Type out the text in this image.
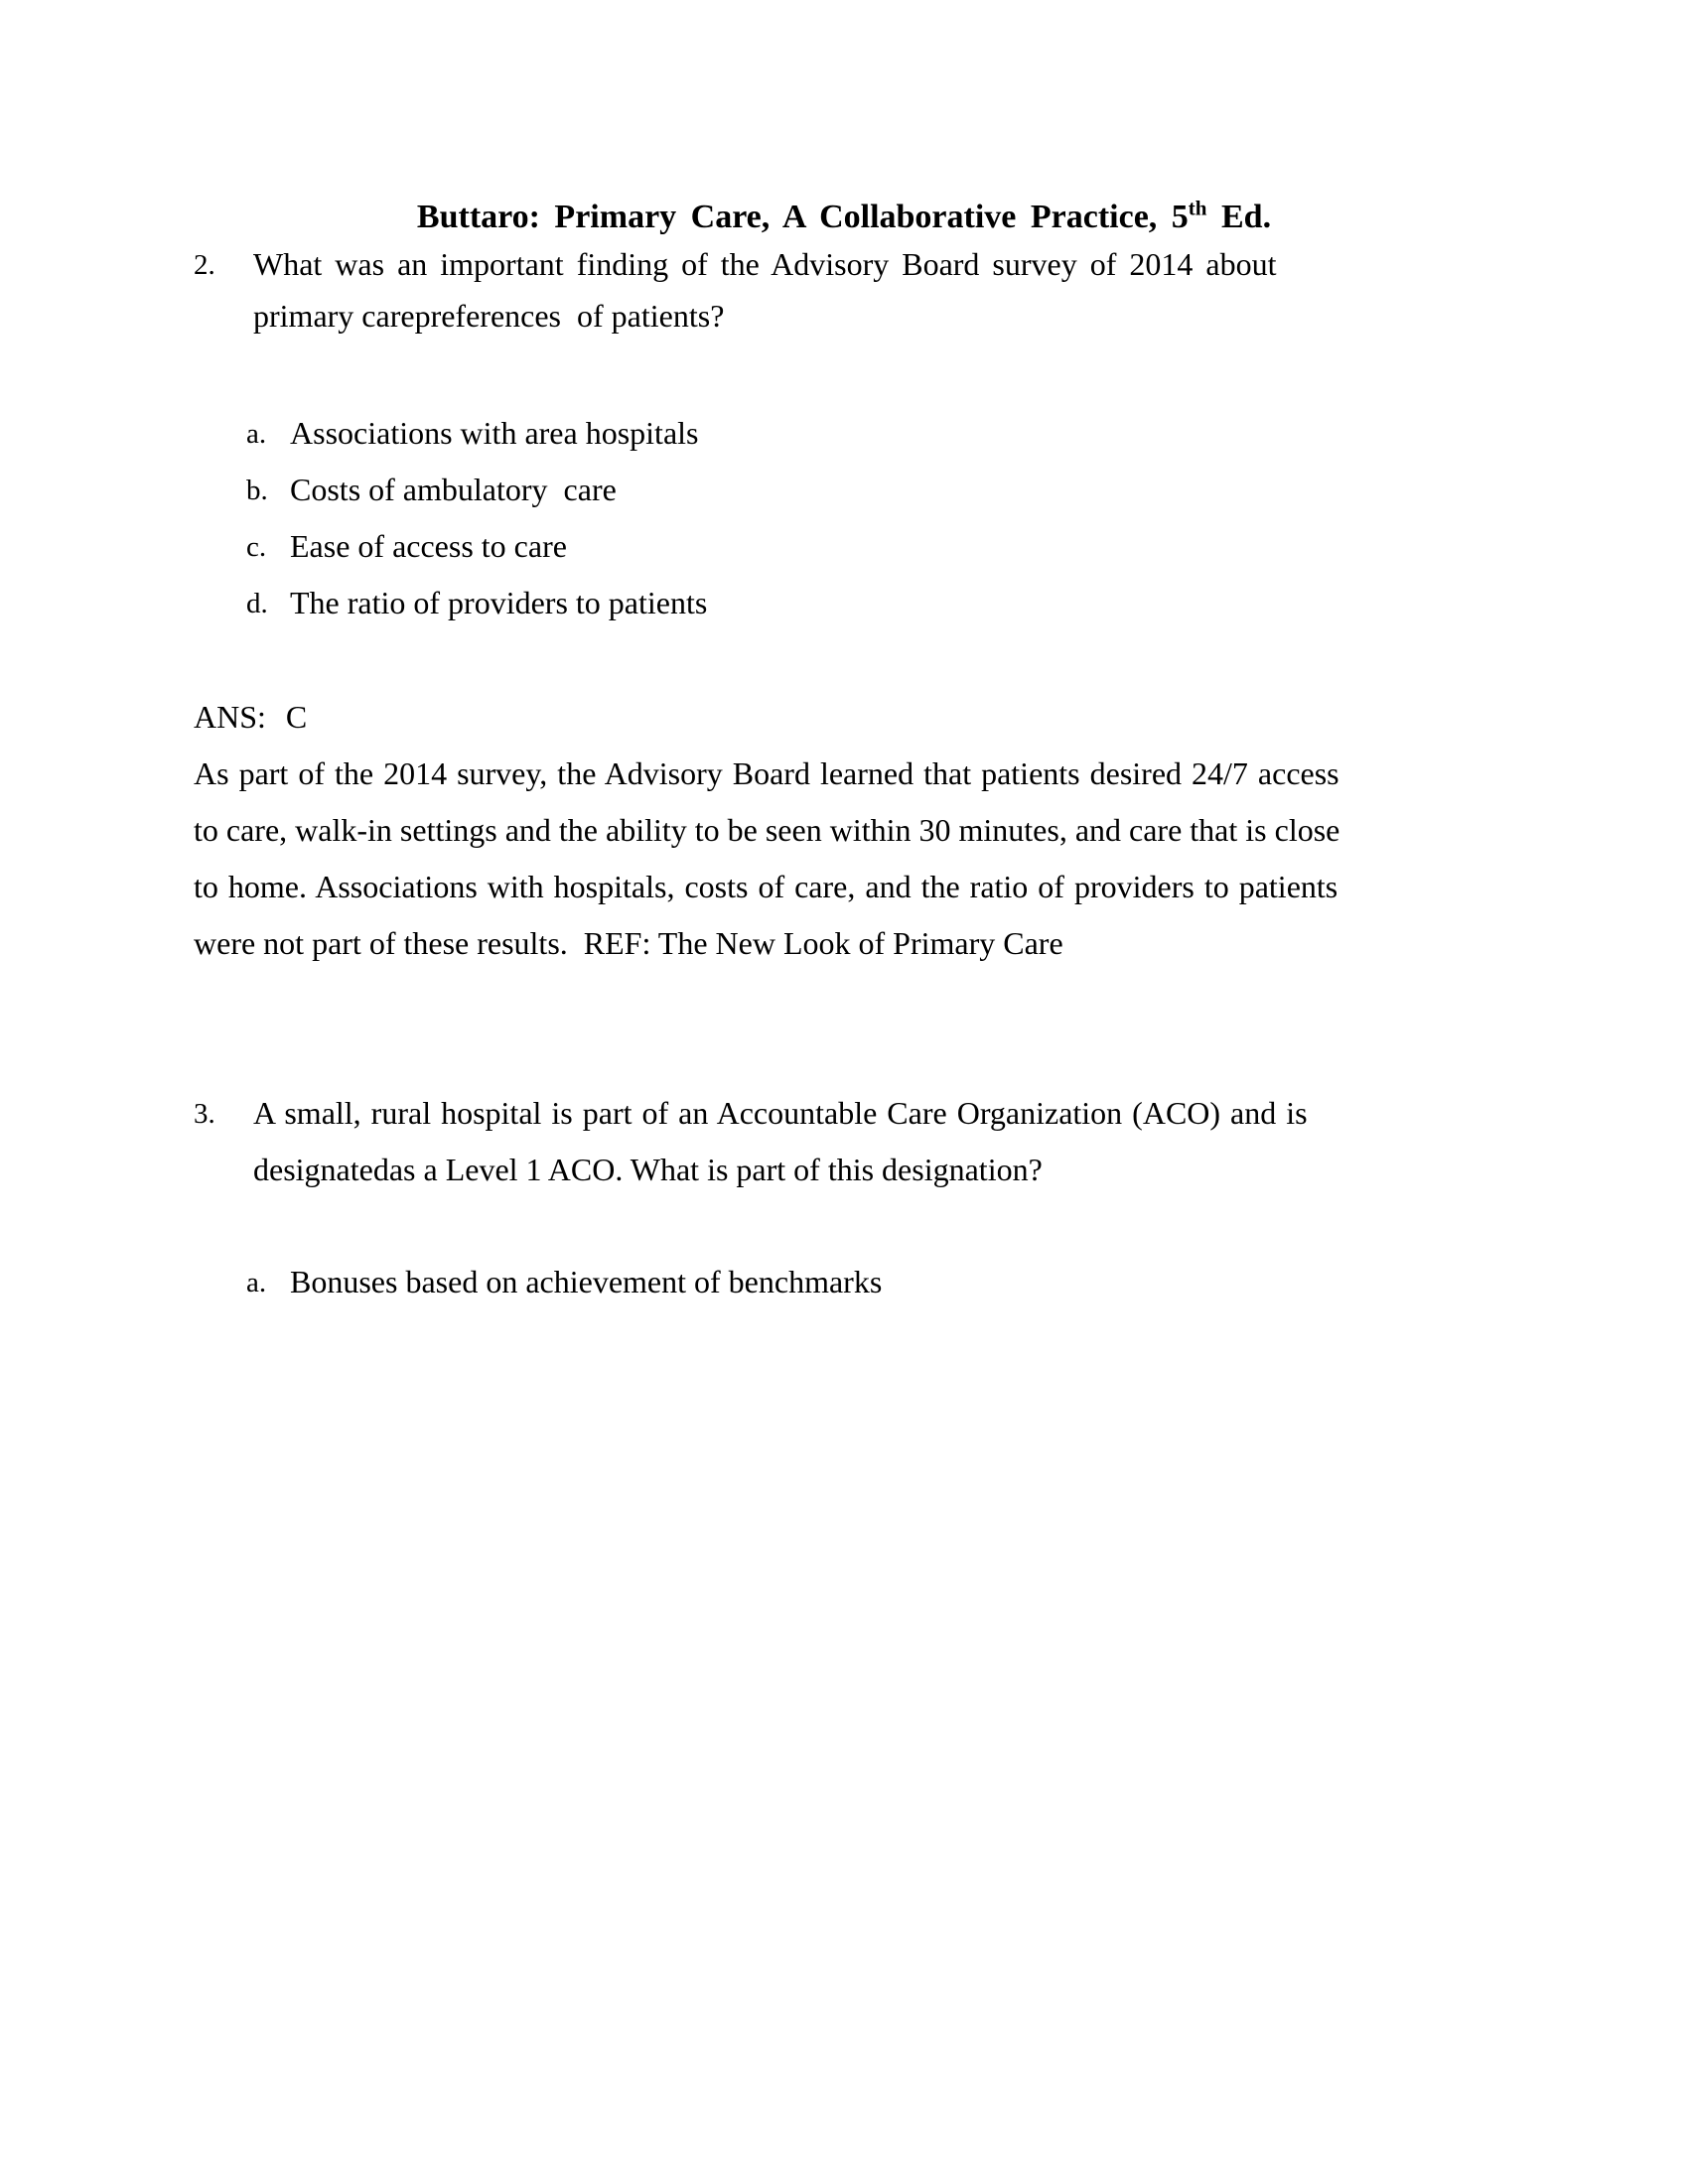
Buttaro: Primary Care, A Collaborative Practice, 5th Ed.
2. What was an important finding of the Advisory Board survey of 2014 about
primary carepreferences  of patients?
a. Associations with area hospitals
b. Costs of ambulatory  care
c. Ease of access to care
d. The ratio of providers to patients
ANS: C
As part of the 2014 survey, the Advisory Board learned that patients desired 24/7 access
to care, walk-in settings and the ability to be seen within 30 minutes, and care that is close
to home. Associations with hospitals, costs of care, and the ratio of providers to patients
were not part of these results.  REF: The New Look of Primary Care
3. A small, rural hospital is part of an Accountable Care Organization (ACO) and is
designatedas a Level 1 ACO. What is part of this designation?
a. Bonuses based on achievement of benchmarks
